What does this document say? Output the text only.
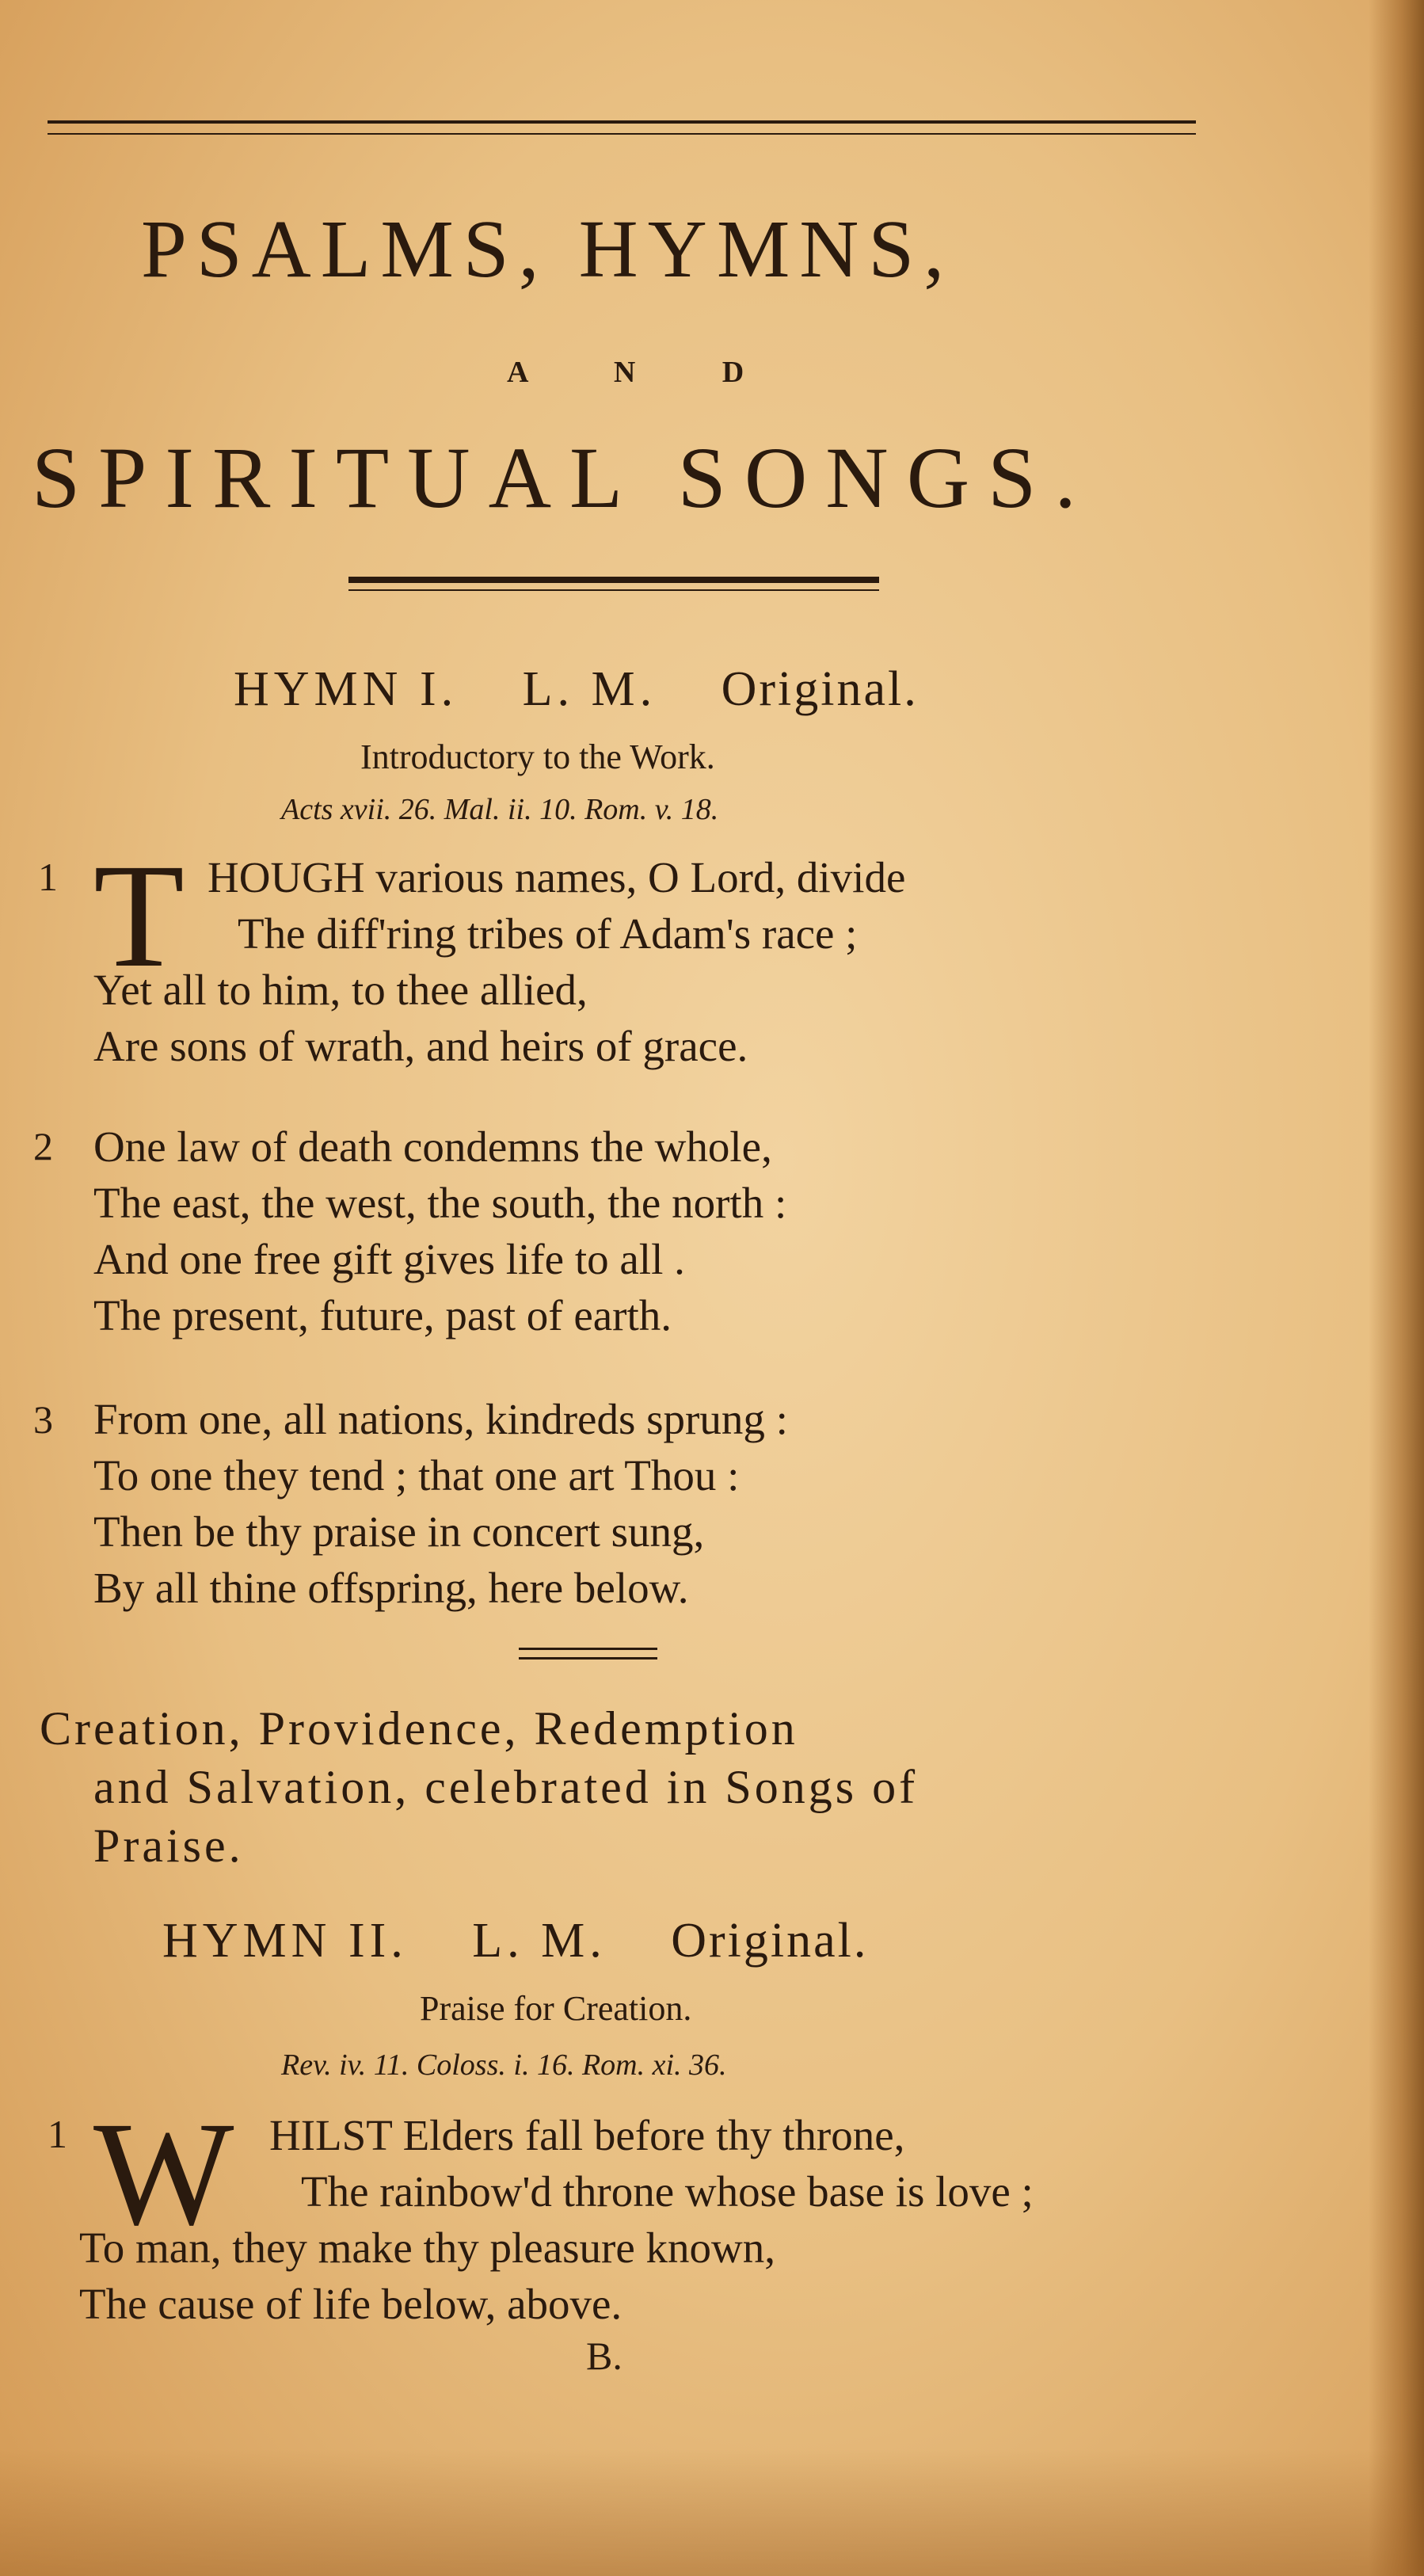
PSALMS, HYMNS,
A N D
SPIRITUAL SONGS.
HYMN I. L. M. Original.
Introductory to the Work.
Acts xvii. 26. Mal. ii. 10. Rom. v. 18.
1 T HOUGH various names, O Lord, divide
The diff'ring tribes of Adam's race ;
Yet all to him, to thee allied,
Are sons of wrath, and heirs of grace.
2 One law of death condemns the whole,
The east, the west, the south, the north :
And one free gift gives life to all .
The present, future, past of earth.
3 From one, all nations, kindreds sprung :
To one they tend ; that one art Thou :
Then be thy praise in concert sung,
By all thine offspring, here below.
Creation, Providence, Redemption
and Salvation, celebrated in Songs of
Praise.
HYMN II. L. M. Original.
Praise for Creation.
Rev. iv. 11. Coloss. i. 16. Rom. xi. 36.
1 W HILST Elders fall before thy throne,
The rainbow'd throne whose base is love ;
To man, they make thy pleasure known,
The cause of life below, above.
B.
